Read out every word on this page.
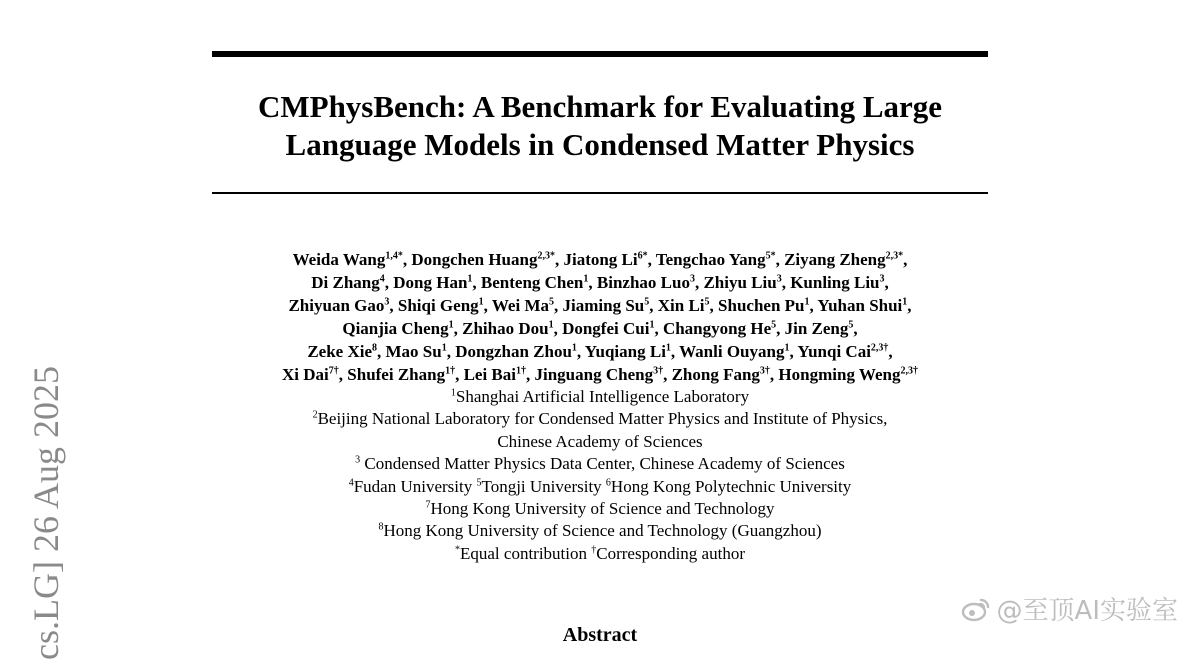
CMPhysBench: A Benchmark for Evaluating Large
Language Models in Condensed Matter Physics
Weida Wang$^{1,4*}$, Dongchen Huang$^{2,3*}$, Jiatong $Li^{6*}$, Tengchao Yang$^{5*}$, Ziyang Zheng$^{2,3*}$,
Di Zhang$^4$, Dong Han$^1$, Benteng Chen$^1$, Binzhao Luo$^3$, Zhiyu Liu$^3$, Kunling Liu$^3$,
Zhiyuan Gao$^3$, Shiqi Geng$^1$, Wei Ma$^5$, Jiaming Su$^5$, Xin Li$^5$, Shuchen Pu$^1$, Yuhan Shui$^1$,
Qianjia Cheng$^1$, Zhihao Dou$^1$, Dongfei Cui$^1$, Changyong He$^5$, Jin Zeng$^5$,
Zeke Xie$^8$, Mao Su$^1$, Dongzhan Zhou$^1$, Yuqiang Li$^1$, Wanli Ouyang$^1$, Yunqi Cai$^{2,3\dagger}$,
Xi Dai$^{7\dagger}$, Shufei Zhang$^{1\dagger}$, Lei Bai$^{1\dagger}$, Jinguang Cheng$^{3\dagger}$, Zhong Fang$^{3\dagger}$, Hongming Weng$^{2,3\dagger}$
$^1$Shanghai Artificial Intelligence Laboratory
$^2$Beijing National Laboratory for Condensed Matter Physics and Institute of Physics,
Chinese Academy of Sciences
$^3$ Condensed Matter Physics Data Center, Chinese Academy of Sciences
$^4$Fudan University $^5$Tongji University $^6$Hong Kong Polytechnic University
$^7$Hong Kong University of Science and Technology
$^8$Hong Kong University of Science and Technology (Guangzhou)
*Equal contribution †Corresponding author
Abstract
cs.LG] 26 Aug 2025	@至顶AI实验室
